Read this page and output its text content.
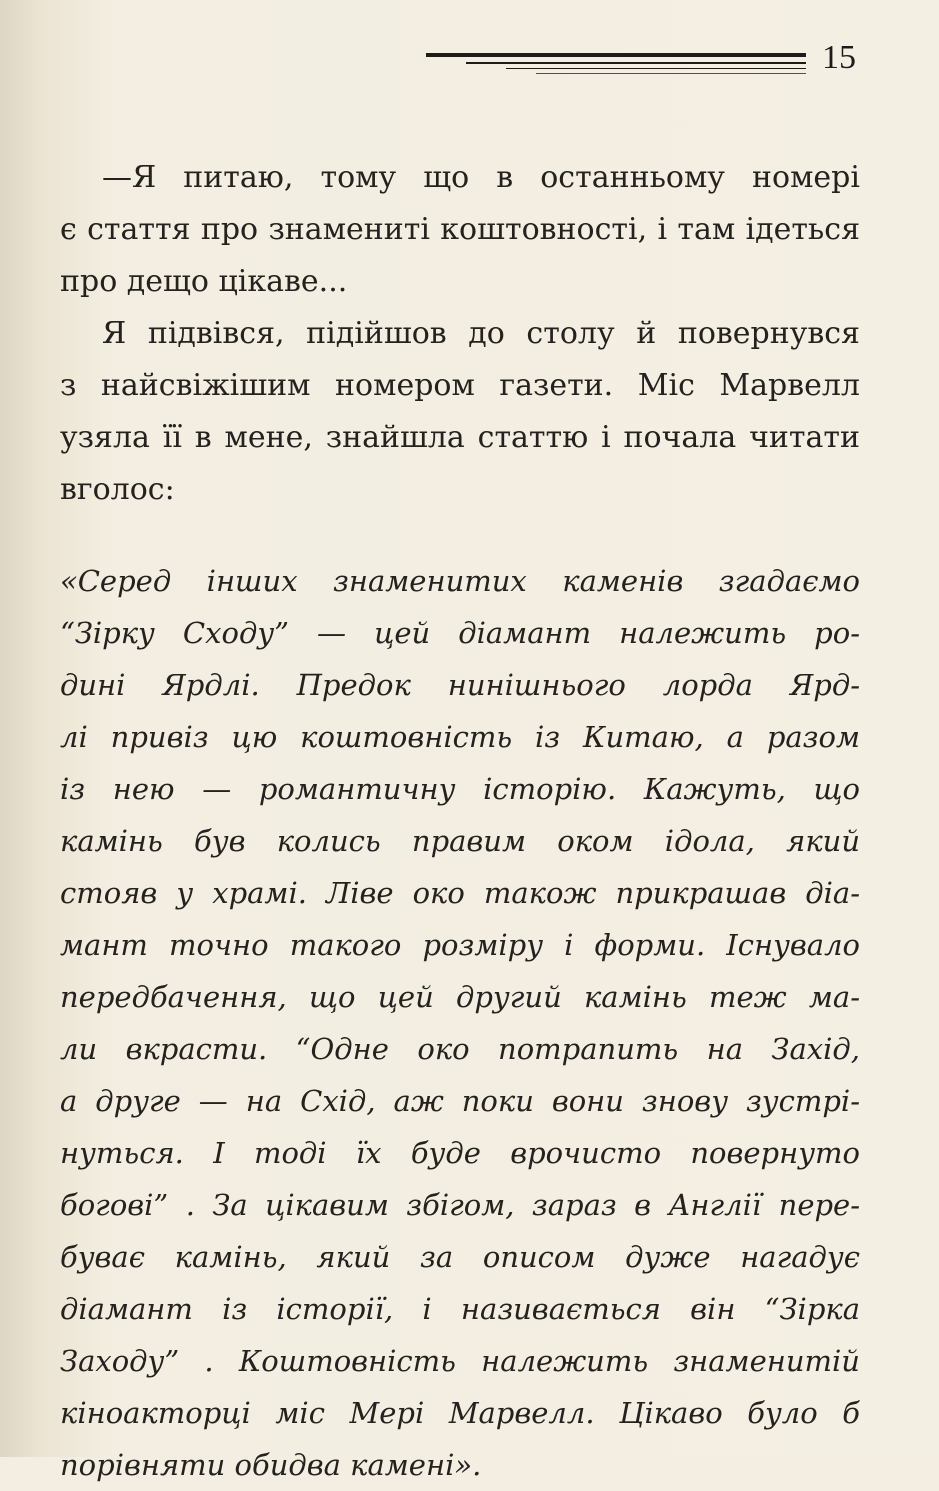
15
—Я питаю, тому що в останньому номері
є стаття про знамениті коштовності, і там ідеться
про дещо цікаве...
Я підвівся, підійшов до столу й повернувся
з найсвіжішим номером газети. Міс Марвелл
узяла її в мене, знайшла статтю і почала читати
вголос:
«Серед інших знаменитих каменів згадаємо
“Зірку Сходу” — цей діамант належить ро-
дині Ярдлі. Предок нинішнього лорда Ярд-
лі привіз цю коштовність із Китаю, а разом
із нею — романтичну історію. Кажуть, що
камінь був колись правим оком ідола, який
стояв у храмі. Ліве око також прикрашав діа-
мант точно такого розміру і форми. Існувало
передбачення, що цей другий камінь теж ма-
ли вкрасти. “Одне око потрапить на Захід,
а друге — на Схід, аж поки вони знову зустрі-
нуться. І тоді їх буде врочисто повернуто
богові” . За цікавим збігом, зараз в Англії пере-
буває камінь, який за описом дуже нагадує
діамант із історії, і називається він “Зірка
Заходу” . Коштовність належить знаменитій
кіноакторці міс Мері Марвелл. Цікаво було б
порівняти обидва камені».
